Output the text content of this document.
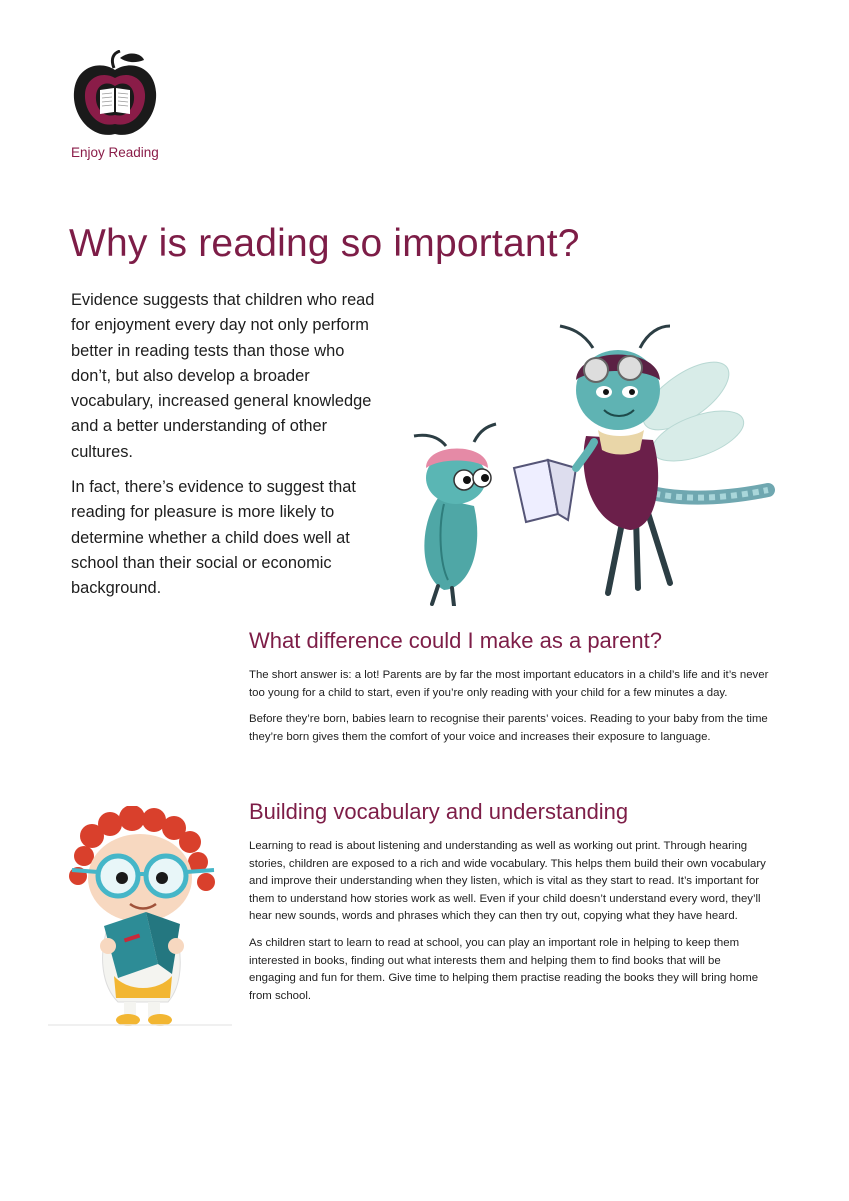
Enjoy Reading
Why is reading so important?

Evidence suggests that children who read for enjoyment every day not only perform better in reading tests than those who don’t, but also develop a broader vocabulary, increased general knowledge and a better understanding of other cultures.

In fact, there’s evidence to suggest that reading for pleasure is more likely to determine whether a child does well at school than their social or economic background.

What difference could I make as a parent?

The short answer is: a lot! Parents are by far the most important educators in a child’s life and it’s never too young for a child to start, even if you’re only reading with your child for a few minutes a day.

Before they’re born, babies learn to recognise their parents’ voices. Reading to your baby from the time they’re born gives them the comfort of your voice and increases their exposure to language.

Building vocabulary and understanding

Learning to read is about listening and understanding as well as working out print. Through hearing stories, children are exposed to a rich and wide vocabulary. This helps them build their own vocabulary and improve their understanding when they listen, which is vital as they start to read. It’s important for them to understand how stories work as well. Even if your child doesn’t understand every word, they’ll hear new sounds, words and phrases which they can then try out, copying what they have heard.

As children start to learn to read at school, you can play an important role in helping to keep them interested in books, finding out what interests them and helping them to find books that will be engaging and fun for them. Give time to helping them practise reading the books they will bring home from school.
